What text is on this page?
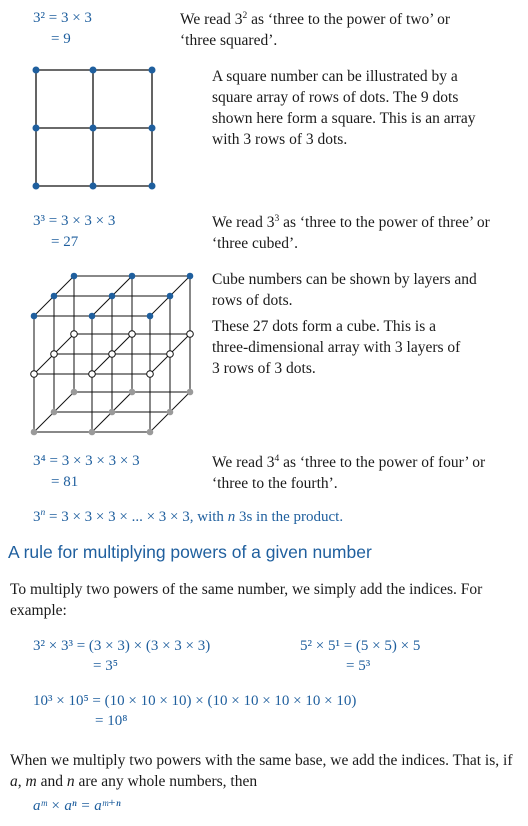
3² = 3 × 3
= 9
We read $3^2$ as ‘three to the power of two’ or
‘three squared’.
A square number can be illustrated by a square array of rows of dots. The 9 dots shown here form a square. This is an array with 3 rows of 3 dots.
3³ = 3 × 3 × 3
= 27
We read $3^3$ as ‘three to the power of three’ or
‘three cubed’.
Cube numbers can be shown by layers and rows of dots.
These 27 dots form a cube. This is a three-dimensional array with 3 layers of 3 rows of 3 dots.
3⁴ = 3 × 3 × 3 × 3
= 81
We read $3^4$ as ‘three to the power of four’ or
‘three to the fourth’.
$3^n = 3 \times 3 \times 3$ × ... × 3 × 3, with n 3s in the product.
A rule for multiplying powers of a given number
To multiply two powers of the same number, we simply add the indices. For example:
3² × 3³ = (3 × 3) × (3 × 3 × 3)
= 3⁵
5² × 5¹ = (5 × 5) × 5
= 5³
10³ × 10⁵ = (10 × 10 × 10) × (10 × 10 × 10 × 10 × 10)
= 10⁸
When we multiply two powers with the same base, we add the indices. That is, if a, m and n are any whole numbers, then
aᵐ × aⁿ = aᵐ⁺ⁿ
